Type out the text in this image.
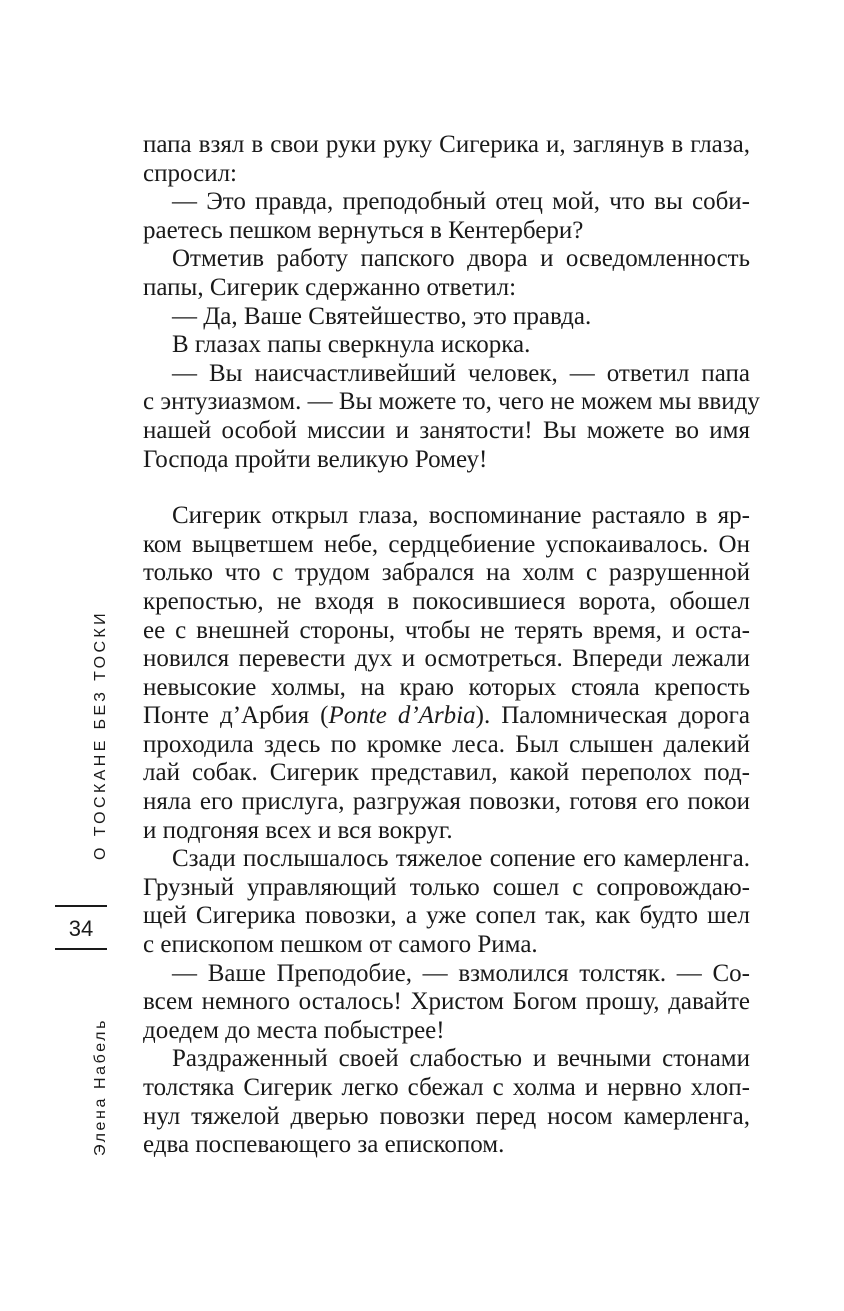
папа взял в свои руки руку Сигерика и, заглянув в глаза,
спросил:

— Это правда, преподобный отец мой, что вы соби-
раетесь пешком вернуться в Кентербери?

Отметив работу папского двора и осведомленность
папы, Сигерик сдержанно ответил:

— Да, Ваше Святейшество, это правда.

В глазах папы сверкнула искорка.

— Вы наисчастливейший человек, — ответил папа
с энтузиазмом. — Вы можете то, чего не можем мы ввиду
нашей особой миссии и занятости! Вы можете во имя
Господа пройти великую Ромеу!

Сигерик открыл глаза, воспоминание растаяло в яр-
ком выцветшем небе, сердцебиение успокаивалось. Он
только что с трудом забрался на холм с разрушенной
крепостью, не входя в покосившиеся ворота, обошел
ее с внешней стороны, чтобы не терять время, и оста-
новился перевести дух и осмотреться. Впереди лежали
невысокие холмы, на краю которых стояла крепость
Понте д’Арбия (Ponte d’Arbia). Паломническая дорога
проходила здесь по кромке леса. Был слышен далекий
лай собак. Сигерик представил, какой переполох под-
няла его прислуга, разгружая повозки, готовя его покои
и подгоняя всех и вся вокруг.

Сзади послышалось тяжелое сопение его камерленга.
Грузный управляющий только сошел с сопровождаю-
щей Сигерика повозки, а уже сопел так, как будто шел
с епископом пешком от самого Рима.

— Ваше Преподобие, — взмолился толстяк. — Со-
всем немного осталось! Христом Богом прошу, давайте
доедем до места побыстрее!

Раздраженный своей слабостью и вечными стонами
толстяка Сигерик легко сбежал с холма и нервно хлоп-
нул тяжелой дверью повозки перед носом камерленга,
едва поспевающего за епископом.

О ТОСКАНЕ БЕЗ ТОСКИ
34
Элена Набель
